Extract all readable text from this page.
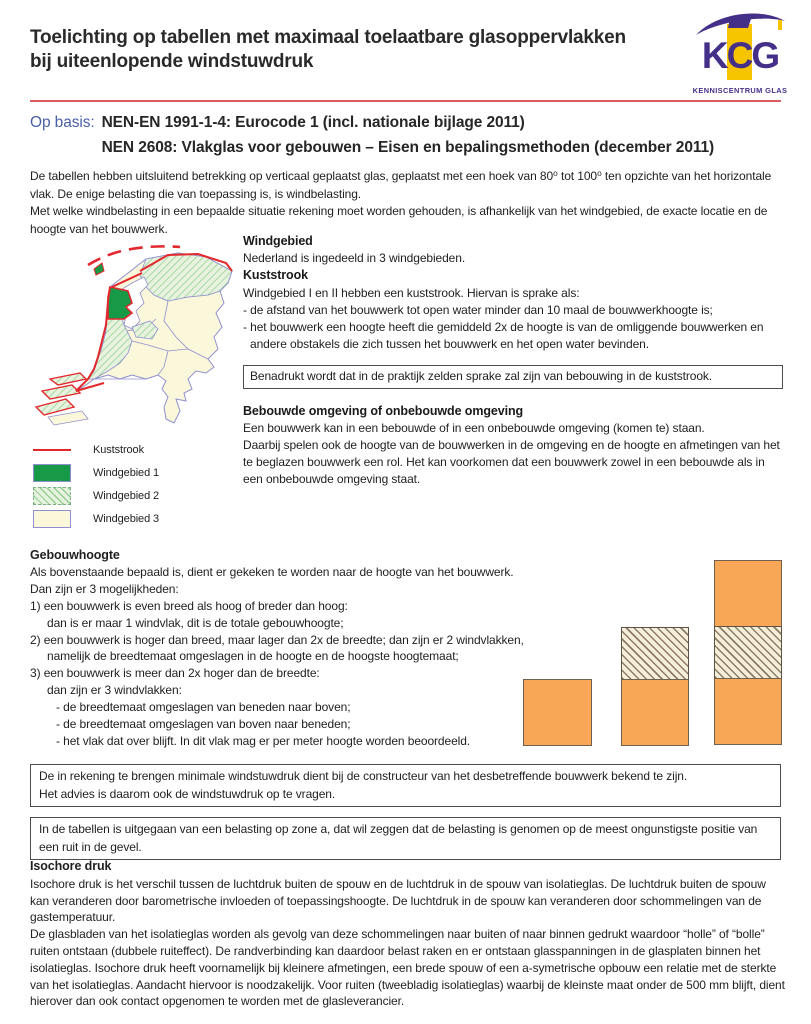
Toelichting op tabellen met maximaal toelaatbare glasoppervlakken
bij uiteenlopende windstuwdruk	KCG
KENNISCENTRUM GLAS
Op basis: NEN-EN 1991-1-4: Eurocode 1 (incl. nationale bijlage 2011)
NEN 2608: Vlakglas voor gebouwen – Eisen en bepalingsmethoden (december 2011)

De tabellen hebben uitsluitend betrekking op verticaal geplaatst glas, geplaatst met een hoek van 80⁰ tot 100⁰ ten opzichte van het horizontale vlak. De enige belasting die van toepassing is, is windbelasting.

Met welke windbelasting in een bepaalde situatie rekening moet worden gehouden, is afhankelijk van het windgebied, de exacte locatie en de hoogte van het bouwwerk.

Kuststrook
Windgebied 1
Windgebied 2
Windgebied 3
Windgebied

Nederland is ingedeeld in 3 windgebieden.

Kuststrook

Windgebied I en II hebben een kuststrook. Hiervan is sprake als:

- de afstand van het bouwwerk tot open water minder dan 10 maal de bouwwerkhoogte is;

- het bouwwerk een hoogte heeft die gemiddeld 2x de hoogte is van de omliggende bouwwerken en andere obstakels die zich tussen het bouwwerk en het open water bevinden.

Benadrukt wordt dat in de praktijk zelden sprake zal zijn van bebouwing in de kuststrook.
Bebouwde omgeving of onbebouwde omgeving

Een bouwwerk kan in een bebouwde of in een onbebouwde omgeving (komen te) staan.

Daarbij spelen ook de hoogte van de bouwwerken in de omgeving en de hoogte en afmetingen van het te beglazen bouwwerk een rol. Het kan voorkomen dat een bouwwerk zowel in een bebouwde als in een onbebouwde omgeving staat.

Gebouwhoogte
Als bovenstaande bepaald is, dient er gekeken te worden naar de hoogte van het bouwwerk.
Dan zijn er 3 mogelijkheden:
1) een bouwwerk is even breed als hoog of breder dan hoog:
dan is er maar 1 windvlak, dit is de totale gebouwhoogte;
2) een bouwwerk is hoger dan breed, maar lager dan 2x de breedte; dan zijn er 2 windvlakken,
namelijk de breedtemaat omgeslagen in de hoogte en de hoogste hoogtemaat;
3) een bouwwerk is meer dan 2x hoger dan de breedte:
dan zijn er 3 windvlakken:
- de breedtemaat omgeslagen van beneden naar boven;
- de breedtemaat omgeslagen van boven naar beneden;
- het vlak dat over blijft. In dit vlak mag er per meter hoogte worden beoordeeld.

De in rekening te brengen minimale windstuwdruk dient bij de constructeur van het desbetreffende bouwwerk bekend te zijn.

Het advies is daarom ook de windstuwdruk op te vragen.

In de tabellen is uitgegaan van een belasting op zone a, dat wil zeggen dat de belasting is genomen op de meest ongunstigste positie van een ruit in de gevel.

Isochore druk

Isochore druk is het verschil tussen de luchtdruk buiten de spouw en de luchtdruk in de spouw van isolatieglas. De luchtdruk buiten de spouw kan veranderen door barometrische invloeden of toepassingshoogte. De luchtdruk in de spouw kan veranderen door schommelingen van de gastemperatuur.

De glasbladen van het isolatieglas worden als gevolg van deze schommelingen naar buiten of naar binnen gedrukt waardoor “holle” of “bolle” ruiten ontstaan (dubbele ruiteffect). De randverbinding kan daardoor belast raken en er ontstaan glasspanningen in de glasplaten binnen het isolatieglas. Isochore druk heeft voornamelijk bij kleinere afmetingen, een brede spouw of een a-symetrische opbouw een relatie met de sterkte van het isolatieglas. Aandacht hiervoor is noodzakelijk. Voor ruiten (tweebladig isolatieglas) waarbij de kleinste maat onder de 500 mm blijft, dient hierover dan ook contact opgenomen te worden met de glasleverancier.
